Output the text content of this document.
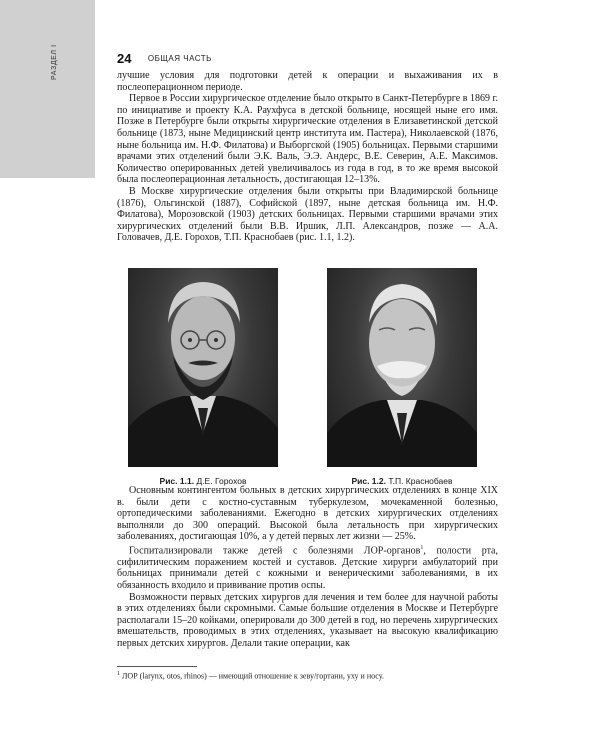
РАЗДЕЛ I	24 ОБЩАЯ ЧАСТЬ

лучшие условия для подготовки детей к операции и выхаживания их в послеоперационном периоде.

Первое в России хирургическое отделение было открыто в Санкт-Петербурге в 1869 г. по инициативе и проекту К.А. Раухфуса в детской больнице, носящей ныне его имя. Позже в Петербурге были открыты хирургические отделения в Елизаветинской детской больнице (1873, ныне Медицинский центр института им. Пастера), Николаевской (1876, ныне больница им. Н.Ф. Филатова) и Выборгской (1905) больницах. Первыми старшими врачами этих отделений были Э.К. Валь, Э.Э. Андерс, В.Е. Северин, А.Е. Максимов. Количество оперированных детей увеличивалось из года в год, в то же время высокой была послеоперационная летальность, достигающая 12–13%.

В Москве хирургические отделения были открыты при Владимирской больнице (1876), Ольгинской (1887), Софийской (1897, ныне детская больница им. Н.Ф. Филатова), Морозовской (1903) детских больницах. Первыми старшими врачами этих хирургических отделений были В.В. Иршик, Л.П. Александров, позже — А.А. Головачев, Д.Е. Горохов, Т.П. Краснобаев (рис. 1.1, 1.2).

Рис. 1.1. Д.Е. Горохов	Рис. 1.2. Т.П. Краснобаев

Основным контингентом больных в детских хирургических отделениях в конце XIX в. были дети с костно-суставным туберкулезом, мочекаменной болезнью, ортопедическими заболеваниями. Ежегодно в детских хирургических отделениях выполняли до 300 операций. Высокой была летальность при хирургических заболеваниях, достигающая 10%, а у детей первых лет жизни — 25%.

Госпитализировали также детей с болезнями ЛОР-органов$^1$, полости рта, сифилитическим поражением костей и суставов. Детские хирурги амбулаторий при больницах принимали детей с кожными и венерическими заболеваниями, в их обязанность входило и прививание против оспы.

Возможности первых детских хирургов для лечения и тем более для научной работы в этих отделениях были скромными. Самые большие отделения в Москве и Петербурге располагали 15–20 койками, оперировали до 300 детей в год, но перечень хирургических вмешательств, проводимых в этих отделениях, указывает на высокую квалификацию первых детских хирургов. Делали такие операции, как

$^1$ ЛОР (larynx, otos, rhinos) — имеющий отношение к зеву/гортани, уху и носу.
